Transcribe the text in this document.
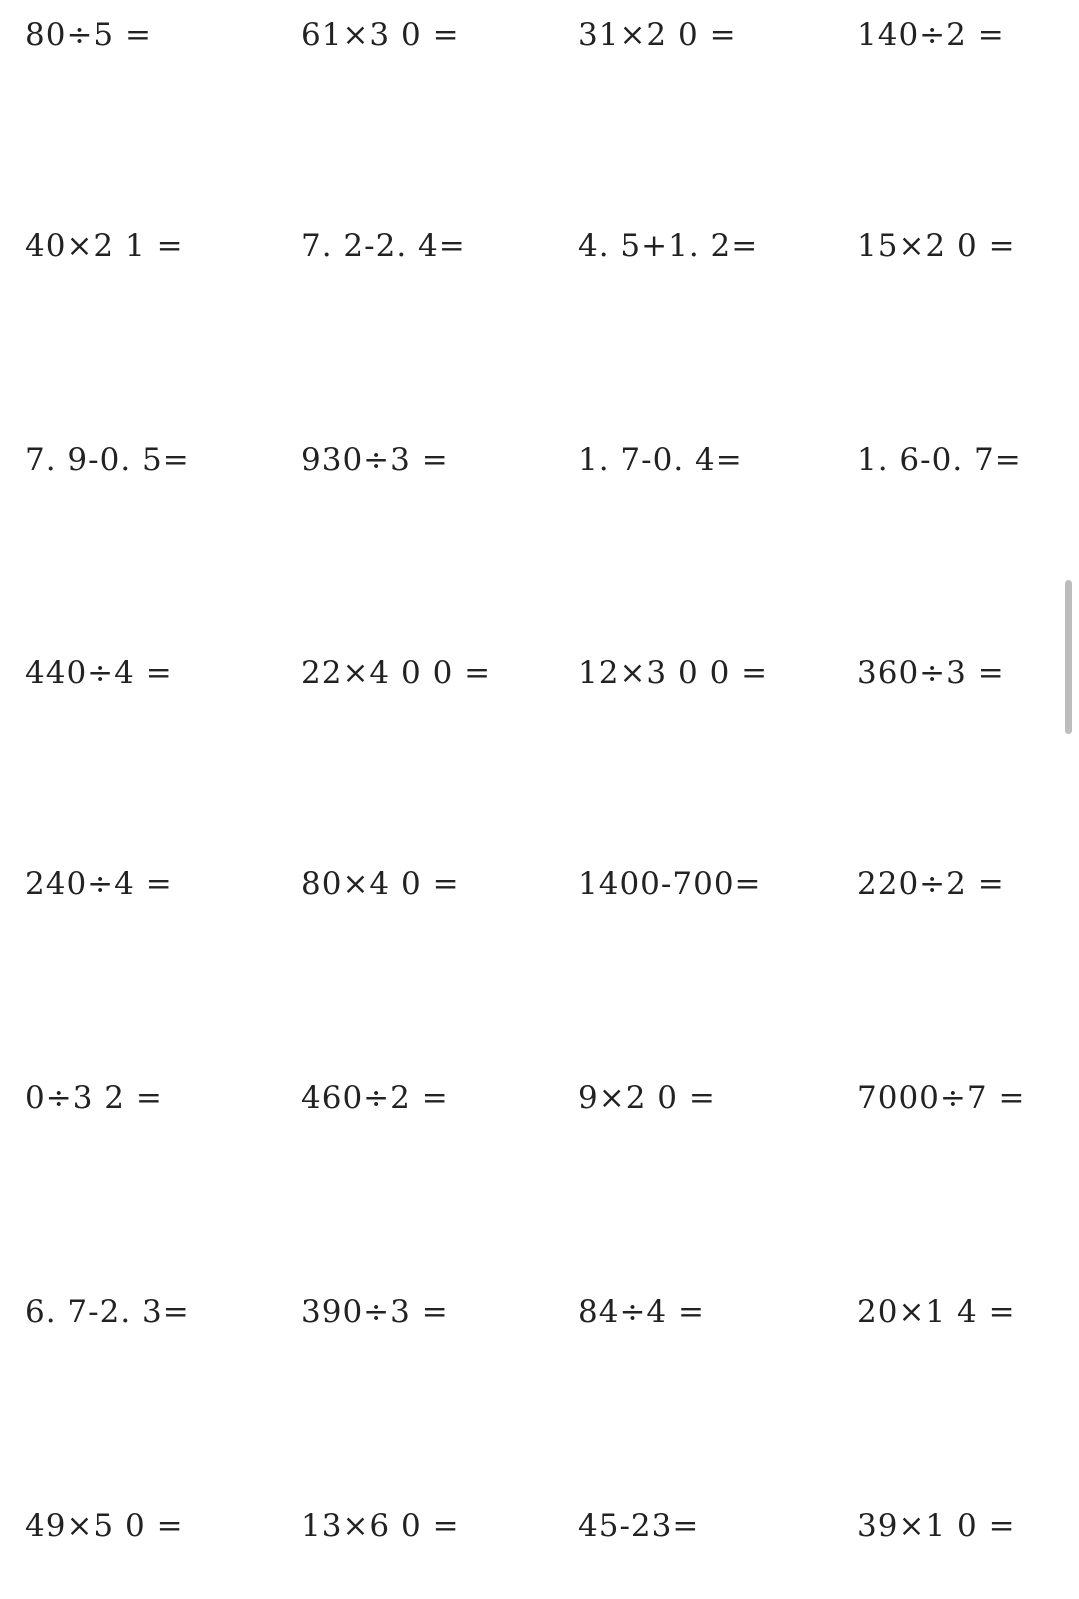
80÷5 =	61×3 0 =	31×2 0 =	140÷2 =
40×2 1 =	7. 2-2. 4=	4. 5+1. 2=	15×2 0 =
7. 9-0. 5=	930÷3 =	1. 7-0. 4=	1. 6-0. 7=
440÷4 =	22×4 0 0 =	12×3 0 0 =	360÷3 =
240÷4 =	80×4 0 =	1400-700=	220÷2 =
0÷3 2 =	460÷2 =	9×2 0 =	7000÷7 =
6. 7-2. 3=	390÷3 =	84÷4 =	20×1 4 =
49×5 0 =	13×6 0 =	45-23=	39×1 0 =
